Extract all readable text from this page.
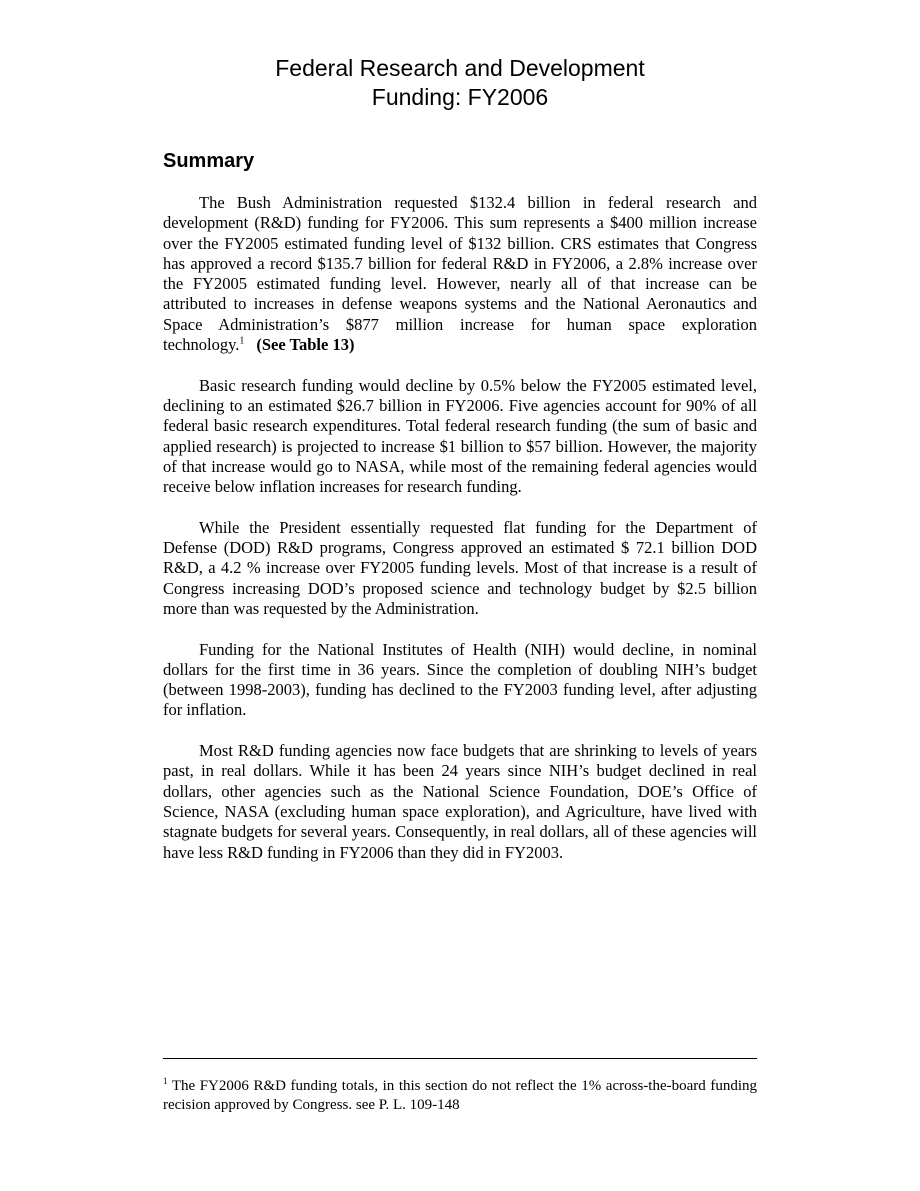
Federal Research and Development
Funding: FY2006
Summary

The Bush Administration requested $132.4 billion in federal research and development (R&D) funding for FY2006. This sum represents a $400 million increase over the FY2005 estimated funding level of $132 billion. CRS estimates that Congress has approved a record $135.7 billion for federal R&D in FY2006, a 2.8% increase over the FY2005 estimated funding level. However, nearly all of that increase can be attributed to increases in defense weapons systems and the National Aeronautics and Space Administration’s $877 million increase for human space exploration technology.$^1$ (See Table 13)

Basic research funding would decline by 0.5% below the FY2005 estimated level, declining to an estimated $26.7 billion in FY2006. Five agencies account for 90% of all federal basic research expenditures. Total federal research funding (the sum of basic and applied research) is projected to increase $1 billion to $57 billion. However, the majority of that increase would go to NASA, while most of the remaining federal agencies would receive below inflation increases for research funding.

While the President essentially requested flat funding for the Department of Defense (DOD) R&D programs, Congress approved an estimated $ 72.1 billion DOD R&D, a 4.2 % increase over FY2005 funding levels. Most of that increase is a result of Congress increasing DOD’s proposed science and technology budget by $2.5 billion more than was requested by the Administration.

Funding for the National Institutes of Health (NIH) would decline, in nominal dollars for the first time in 36 years. Since the completion of doubling NIH’s budget (between 1998-2003), funding has declined to the FY2003 funding level, after adjusting for inflation.

Most R&D funding agencies now face budgets that are shrinking to levels of years past, in real dollars. While it has been 24 years since NIH’s budget declined in real dollars, other agencies such as the National Science Foundation, DOE’s Office of Science, NASA (excluding human space exploration), and Agriculture, have lived with stagnate budgets for several years. Consequently, in real dollars, all of these agencies will have less R&D funding in FY2006 than they did in FY2003.

$^1$ The FY2006 R&D funding totals, in this section do not reflect the 1% across-the-board funding recision approved by Congress. see P. L. 109-148
